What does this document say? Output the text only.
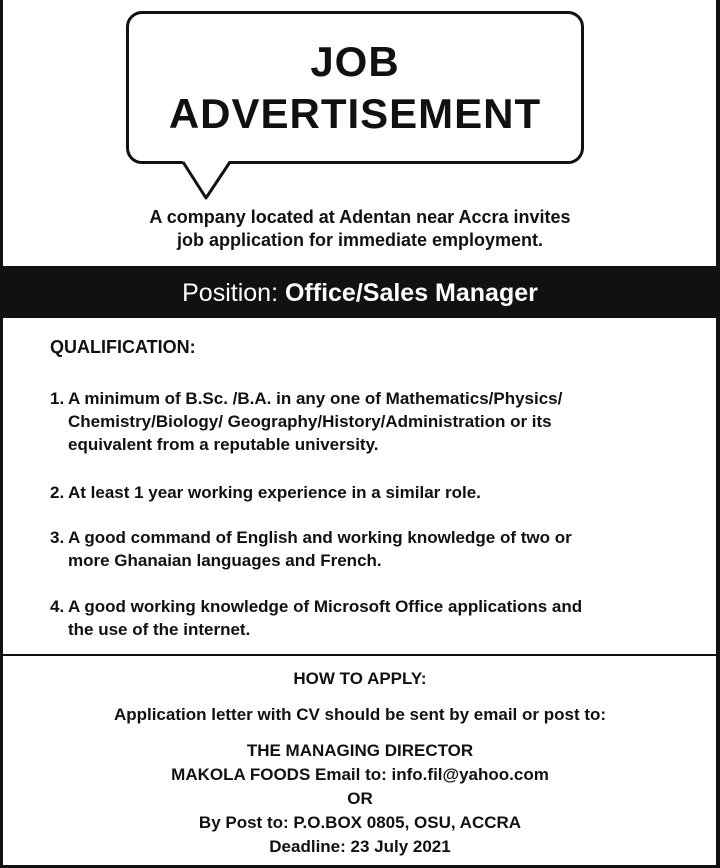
JOB
ADVERTISEMENT
A company located at Adentan near Accra invites
job application for immediate employment.
Position: Office/Sales Manager
QUALIFICATION:
1. A minimum of B.Sc. /B.A. in any one of Mathematics/Physics/
Chemistry/Biology/ Geography/History/Administration or its
equivalent from a reputable university.
2. At least 1 year working experience in a similar role.
3. A good command of English and working knowledge of two or
more Ghanaian languages and French.
4. A good working knowledge of Microsoft Office applications and
the use of the internet.
HOW TO APPLY:
Application letter with CV should be sent by email or post to:
THE MANAGING DIRECTOR
MAKOLA FOODS Email to: info.fil@yahoo.com
OR
By Post to: P.O.BOX 0805, OSU, ACCRA
Deadline: 23 July 2021
